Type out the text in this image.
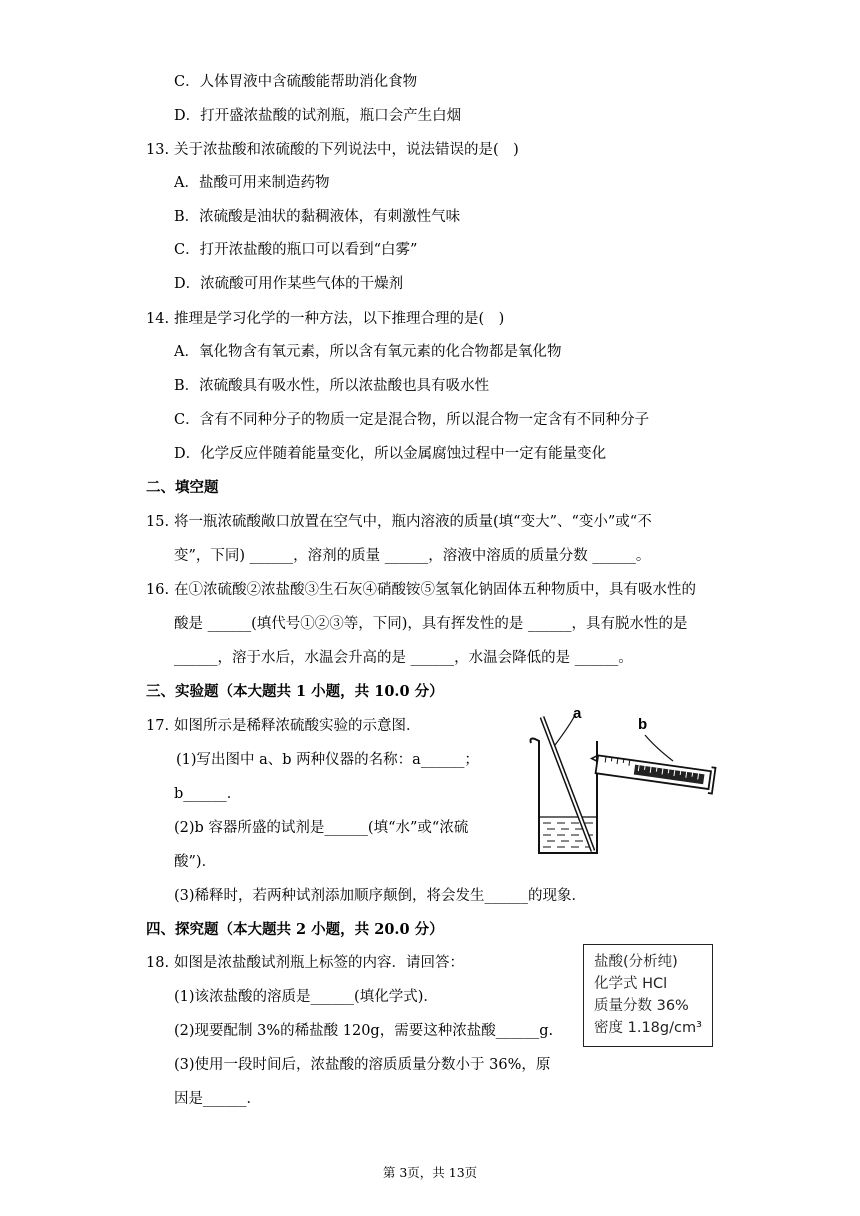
C．人体胃液中含硫酸能帮助消化食物
D．打开盛浓盐酸的试剂瓶，瓶口会产生白烟
13. 关于浓盐酸和浓硫酸的下列说法中，说法错误的是( )
A．盐酸可用来制造药物
B．浓硫酸是油状的黏稠液体，有刺激性气味
C．打开浓盐酸的瓶口可以看到“白雾”
D．浓硫酸可用作某些气体的干燥剂
14. 推理是学习化学的一种方法，以下推理合理的是( )
A．氧化物含有氧元素，所以含有氧元素的化合物都是氧化物
B．浓硫酸具有吸水性，所以浓盐酸也具有吸水性
C．含有不同种分子的物质一定是混合物，所以混合物一定含有不同种分子
D．化学反应伴随着能量变化，所以金属腐蚀过程中一定有能量变化
二、填空题
15. 将一瓶浓硫酸敞口放置在空气中，瓶内溶液的质量(填“变大”、“变小”或“不
变”，下同) ______，溶剂的质量 ______，溶液中溶质的质量分数 ______。
16. 在①浓硫酸②浓盐酸③生石灰④硝酸铵⑤氢氧化钠固体五种物质中，具有吸水性的
酸是 ______(填代号①②③等，下同)，具有挥发性的是 ______，具有脱水性的是
______，溶于水后，水温会升高的是 ______，水温会降低的是 ______。
三、实验题（本大题共 1 小题，共 10.0 分）
17. 如图所示是稀释浓硫酸实验的示意图．
(1)写出图中 a、b 两种仪器的名称：a______；
b______．
(2)b 容器所盛的试剂是______(填“水”或“浓硫
酸”)．
(3)稀释时，若两种试剂添加顺序颠倒，将会发生______的现象．
a
b
四、探究题（本大题共 2 小题，共 20.0 分）
18. 如图是浓盐酸试剂瓶上标签的内容．请回答：
(1)该浓盐酸的溶质是______(填化学式)．
(2)现要配制 3%的稀盐酸 120g，需要这种浓盐酸______g.
(3)使用一段时间后，浓盐酸的溶质质量分数小于 36%，原
因是______．
盐酸(分析纯)
化学式 HCl
质量分数 36%
密度 1.18g/cm³
第 3页，共 13页
